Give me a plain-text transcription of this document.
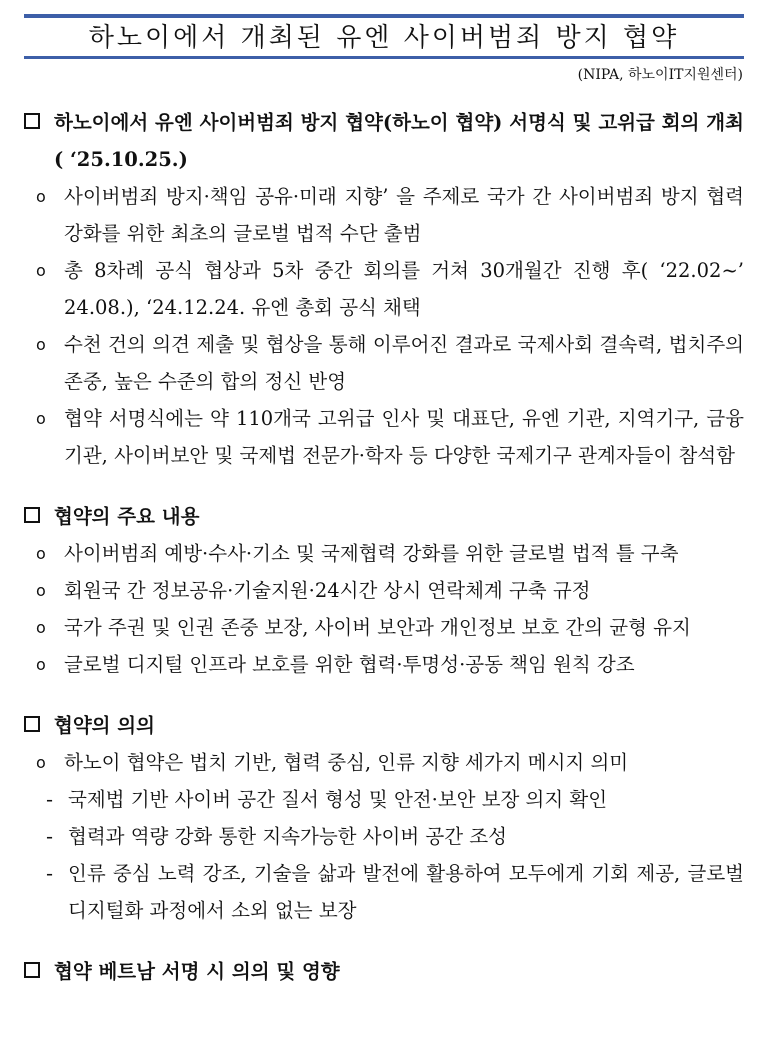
하노이에서 개최된 유엔 사이버범죄 방지 협약
(NIPA, 하노이IT지원센터)
하노이에서 유엔 사이버범죄 방지 협약(하노이 협약) 서명식 및 고위급 회의 개최( ‘25.10.25.)
o 사이버범죄 방지·책임 공유·미래 지향’ 을 주제로 국가 간 사이버범죄 방지 협력 강화를 위한 최초의 글로벌 법적 수단 출범
o 총 8차례 공식 협상과 5차 중간 회의를 거쳐 30개월간 진행 후( ‘22.02~’ 24.08.), ‘24.12.24. 유엔 총회 공식 채택
o 수천 건의 의견 제출 및 협상을 통해 이루어진 결과로 국제사회 결속력, 법치주의 존중, 높은 수준의 합의 정신 반영
o 협약 서명식에는 약 110개국 고위급 인사 및 대표단, 유엔 기관, 지역기구, 금융 기관, 사이버보안 및 국제법 전문가·학자 등 다양한 국제기구 관계자들이 참석함
협약의 주요 내용
o 사이버범죄 예방·수사·기소 및 국제협력 강화를 위한 글로벌 법적 틀 구축
o 회원국 간 정보공유·기술지원·24시간 상시 연락체계 구축 규정
o 국가 주권 및 인권 존중 보장, 사이버 보안과 개인정보 보호 간의 균형 유지
o 글로벌 디지털 인프라 보호를 위한 협력·투명성·공동 책임 원칙 강조
협약의 의의
o 하노이 협약은 법치 기반, 협력 중심, 인류 지향 세가지 메시지 의미
- 국제법 기반 사이버 공간 질서 형성 및 안전·보안 보장 의지 확인
- 협력과 역량 강화 통한 지속가능한 사이버 공간 조성
- 인류 중심 노력 강조, 기술을 삶과 발전에 활용하여 모두에게 기회 제공, 글로벌 디지털화 과정에서 소외 없는 보장
협약 베트남 서명 시 의의 및 영향
